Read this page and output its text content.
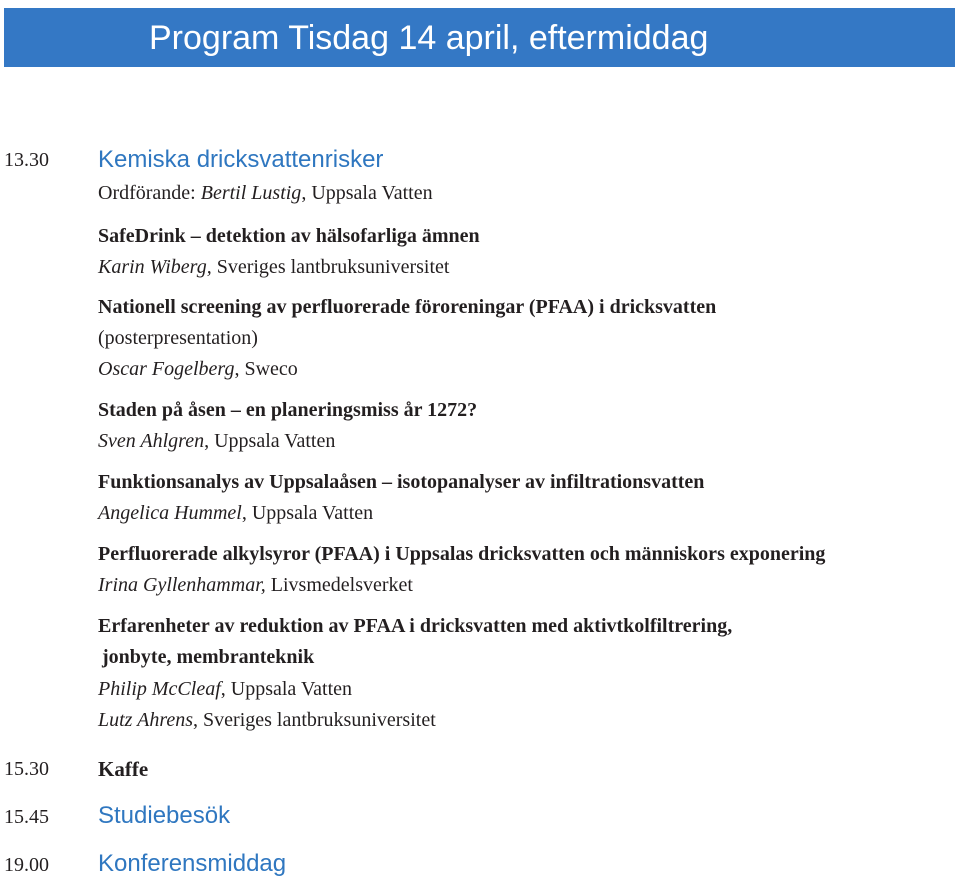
Program Tisdag 14 april, eftermiddag
13.30 Kemiska dricksvattenrisker
Ordförande: Bertil Lustig, Uppsala Vatten
SafeDrink – detektion av hälsofarliga ämnen
Karin Wiberg, Sveriges lantbruksuniversitet
Nationell screening av perfluorerade föroreningar (PFAA) i dricksvatten
(posterpresentation)
Oscar Fogelberg, Sweco
Staden på åsen – en planeringsmiss år 1272?
Sven Ahlgren, Uppsala Vatten
Funktionsanalys av Uppsalaåsen – isotopanalyser av infiltrationsvatten
Angelica Hummel, Uppsala Vatten
Perfluorerade alkylsyror (PFAA) i Uppsalas dricksvatten och människors exponering
Irina Gyllenhammar, Livsmedelsverket
Erfarenheter av reduktion av PFAA i dricksvatten med aktivtkolfiltrering,
jonbyte, membranteknik
Philip McCleaf, Uppsala Vatten
Lutz Ahrens, Sveriges lantbruksuniversitet
15.30 Kaffe
15.45 Studiebesök
19.00 Konferensmiddag
